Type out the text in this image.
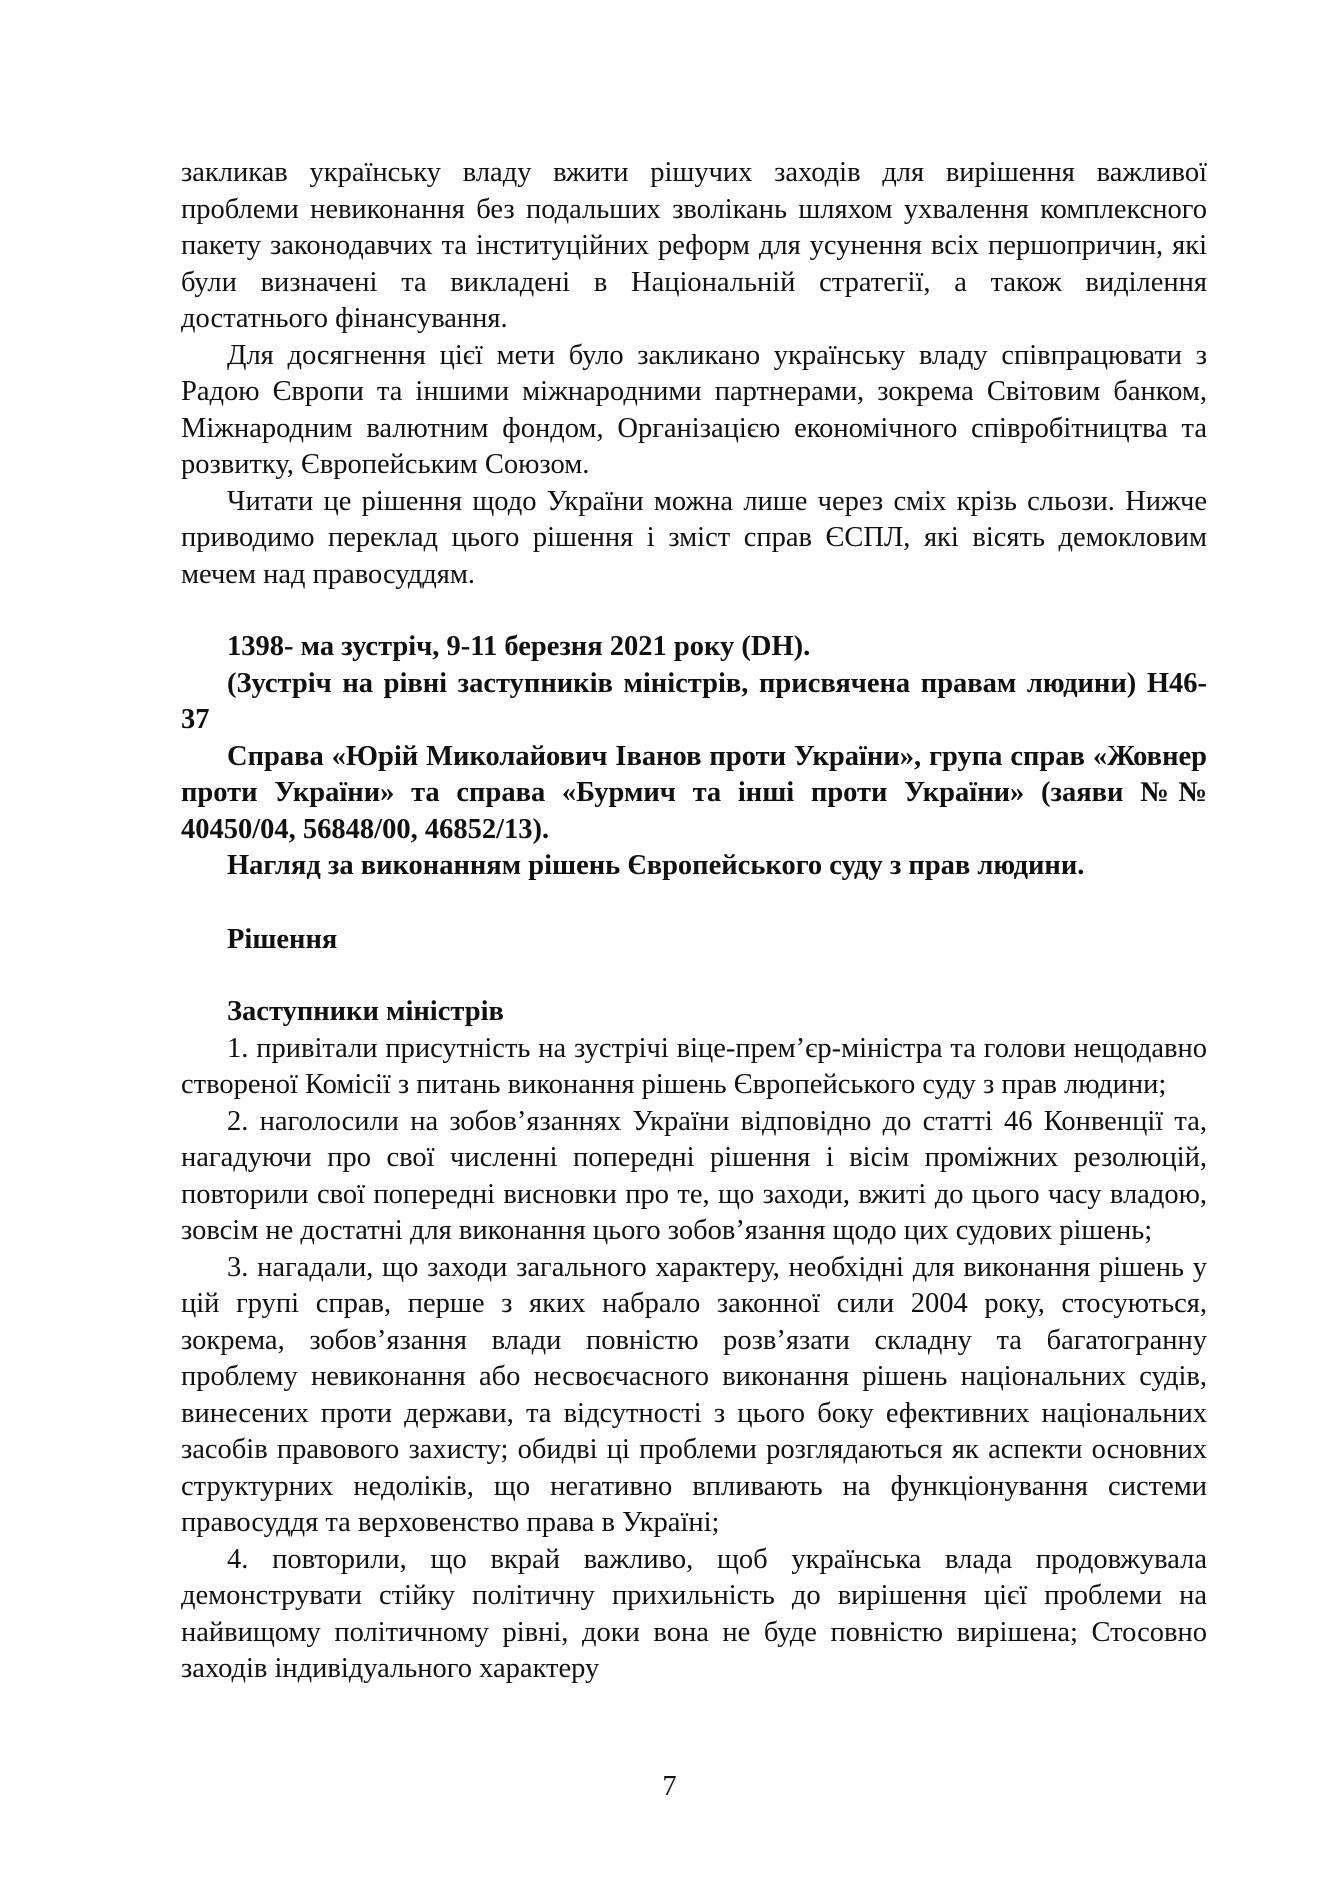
закликав українську владу вжити рішучих заходів для вирішення важливої проблеми невиконання без подальших зволікань шляхом ухвалення комплексного пакету законодавчих та інституційних реформ для усунення всіх першопричин, які були визначені та викладені в Національній стратегії, а також виділення достатнього фінансування.

Для досягнення цієї мети було закликано українську владу співпрацювати з Радою Європи та іншими міжнародними партнерами, зокрема Світовим банком, Міжнародним валютним фондом, Організацією економічного співробітництва та розвитку, Європейським Союзом.

Читати це рішення щодо України можна лише через сміх крізь сльози. Нижче приводимо переклад цього рішення і зміст справ ЄСПЛ, які вісять демокловим мечем над правосуддям.

1398- ма зустріч, 9-11 березня 2021 року (DH).

(Зустріч на рівні заступників міністрів, присвячена правам людини) H46-37

Справа «Юрій Миколайович Іванов проти України», група справ «Жовнер проти України» та справа «Бурмич та інші проти України» (заяви №№ 40450/04, 56848/00, 46852/13).

Нагляд за виконанням рішень Європейського суду з прав людини.

Рішення

Заступники міністрів

1. привітали присутність на зустрічі віце-прем’єр-міністра та голови нещодавно створеної Комісії з питань виконання рішень Європейського суду з прав людини;

2. наголосили на зобов’язаннях України відповідно до статті 46 Конвенції та, нагадуючи про свої численні попередні рішення і вісім проміжних резолюцій, повторили свої попередні висновки про те, що заходи, вжиті до цього часу владою, зовсім не достатні для виконання цього зобов’язання щодо цих судових рішень;

3. нагадали, що заходи загального характеру, необхідні для виконання рішень у цій групі справ, перше з яких набрало законної сили 2004 року, стосуються, зокрема, зобов’язання влади повністю розв’язати складну та багатогранну проблему невиконання або несвоєчасного виконання рішень національних судів, винесених проти держави, та відсутності з цього боку ефективних національних засобів правового захисту; обидві ці проблеми розглядаються як аспекти основних структурних недоліків, що негативно впливають на функціонування системи правосуддя та верховенство права в Україні;

4. повторили, що вкрай важливо, щоб українська влада продовжувала демонструвати стійку політичну прихильність до вирішення цієї проблеми на найвищому політичному рівні, доки вона не буде повністю вирішена; Стосовно заходів індивідуального характеру

7
